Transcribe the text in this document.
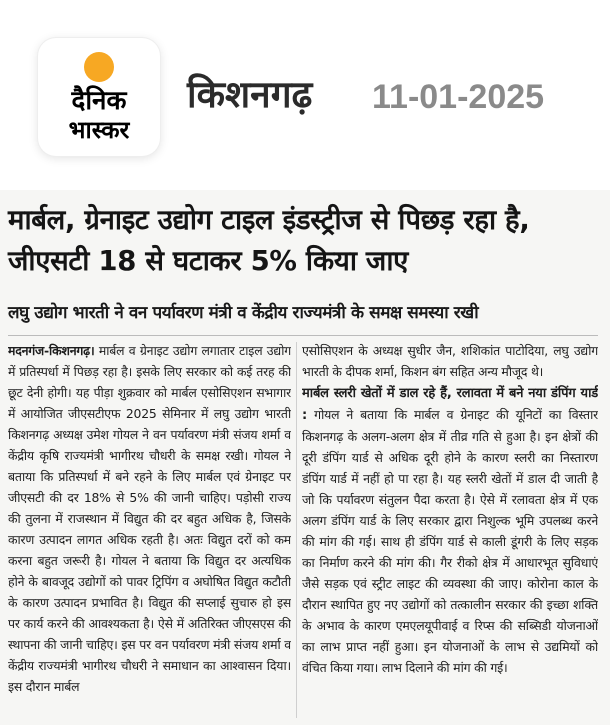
दैनिक
भास्कर
किशनगढ़ 11-01-2025
मार्बल, ग्रेनाइट उद्योग टाइल इंडस्ट्रीज से पिछड़ रहा है, जीएसटी 18 से घटाकर 5% किया जाए
लघु उद्योग भारती ने वन पर्यावरण मंत्री व केंद्रीय राज्यमंत्री के समक्ष समस्या रखी
मदनगंज-किशनगढ़। मार्बल व ग्रेनाइट उद्योग लगातार टाइल उद्योग में प्रतिस्पर्धा में पिछड़ रहा है। इसके लिए सरकार को कई तरह की छूट देनी होगी। यह पीड़ा शुक्रवार को मार्बल एसोसिएशन सभागार में आयोजित जीएसटीएफ 2025 सेमिनार में लघु उद्योग भारती किशनगढ़ अध्यक्ष उमेश गोयल ने वन पर्यावरण मंत्री संजय शर्मा व केंद्रीय कृषि राज्यमंत्री भागीरथ चौधरी के समक्ष रखी। गोयल ने बताया कि प्रतिस्पर्धा में बने रहने के लिए मार्बल एवं ग्रेनाइट पर जीएसटी की दर 18% से 5% की जानी चाहिए। पड़ोसी राज्य की तुलना में राजस्थान में विद्युत की दर बहुत अधिक है, जिसके कारण उत्पादन लागत अधिक रहती है। अतः विद्युत दरों को कम करना बहुत जरूरी है। गोयल ने बताया कि विद्युत दर अत्यधिक होने के बावजूद उद्योगों को पावर ट्रिपिंग व अघोषित विद्युत कटौती के कारण उत्पादन प्रभावित है। विद्युत की सप्लाई सुचारु हो इस पर कार्य करने की आवश्यकता है। ऐसे में अतिरिक्त जीएसएस की स्थापना की जानी चाहिए। इस पर वन पर्यावरण मंत्री संजय शर्मा व केंद्रीय राज्यमंत्री भागीरथ चौधरी ने समाधान का आश्वासन दिया। इस दौरान मार्बल
एसोसिएशन के अध्यक्ष सुधीर जैन, शशिकांत पाटोदिया, लघु उद्योग भारती के दीपक शर्मा, किशन बंग सहित अन्य मौजूद थे।
मार्बल स्लरी खेतों में डाल रहे हैं, रलावता में बने नया डंपिंग यार्ड : गोयल ने बताया कि मार्बल व ग्रेनाइट की यूनिटों का विस्तार किशनगढ़ के अलग-अलग क्षेत्र में तीव्र गति से हुआ है। इन क्षेत्रों की दूरी डंपिंग यार्ड से अधिक दूरी होने के कारण स्लरी का निस्तारण डंपिंग यार्ड में नहीं हो पा रहा है। यह स्लरी खेतों में डाल दी जाती है जो कि पर्यावरण संतुलन पैदा करता है। ऐसे में रलावता क्षेत्र में एक अलग डंपिंग यार्ड के लिए सरकार द्वारा निशुल्क भूमि उपलब्ध करने की मांग की गई। साथ ही डंपिंग यार्ड से काली डूंगरी के लिए सड़क का निर्माण करने की मांग की। गैर रीको क्षेत्र में आधारभूत सुविधाएं जैसे सड़क एवं स्ट्रीट लाइट की व्यवस्था की जाए। कोरोना काल के दौरान स्थापित हुए नए उद्योगों को तत्कालीन सरकार की इच्छा शक्ति के अभाव के कारण एमएलयूपीवाई व रिप्स की सब्सिडी योजनाओं का लाभ प्राप्त नहीं हुआ। इन योजनाओं के लाभ से उद्यमियों को वंचित किया गया। लाभ दिलाने की मांग की गई।
